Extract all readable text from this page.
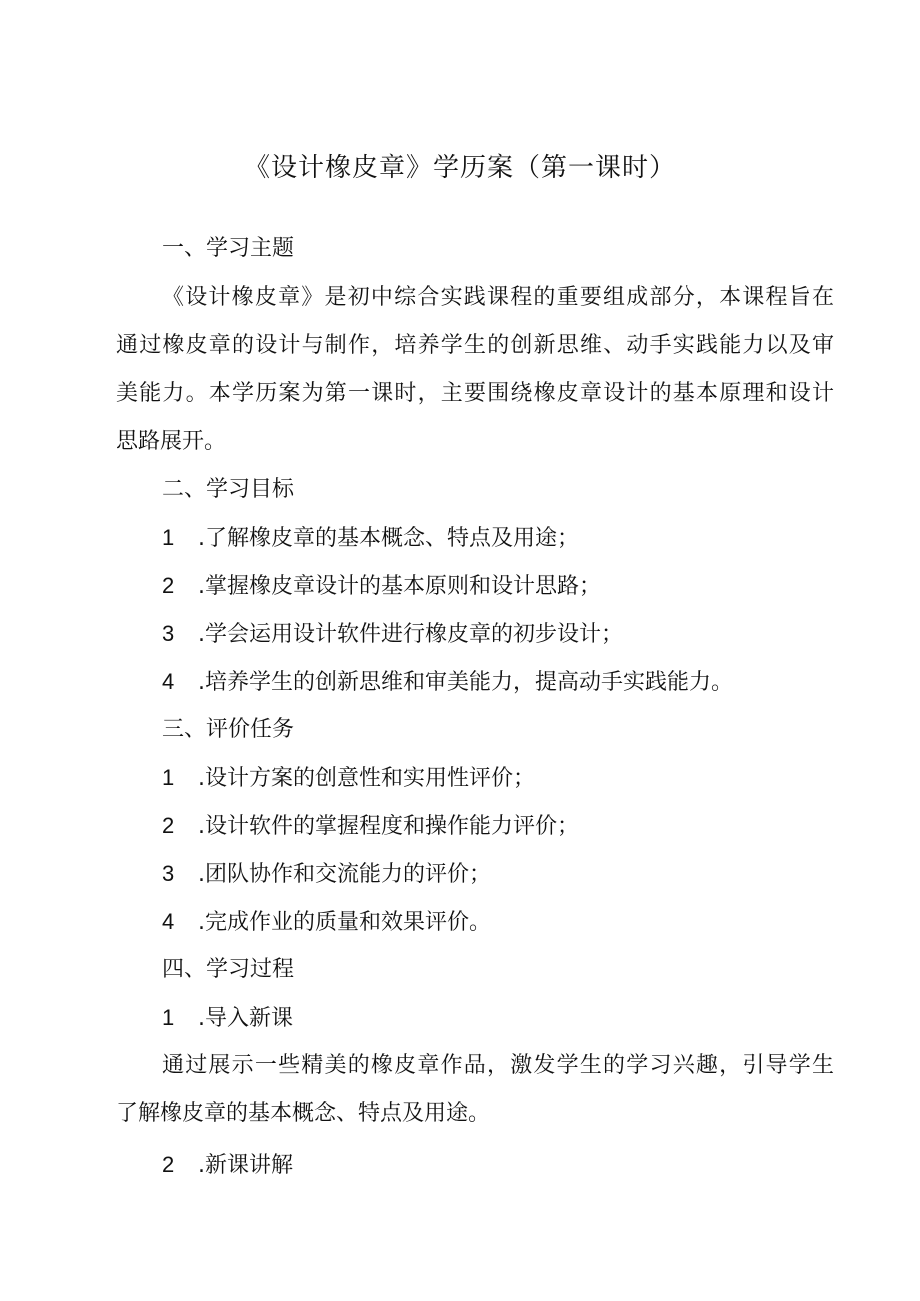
《设计橡皮章》学历案（第一课时）
一、学习主题
《设计橡皮章》是初中综合实践课程的重要组成部分，本课程旨在
通过橡皮章的设计与制作，培养学生的创新思维、动手实践能力以及审
美能力。本学历案为第一课时，主要围绕橡皮章设计的基本原理和设计
思路展开。
二、学习目标
1 .了解橡皮章的基本概念、特点及用途；
2 .掌握橡皮章设计的基本原则和设计思路；
3 .学会运用设计软件进行橡皮章的初步设计；
4 .培养学生的创新思维和审美能力，提高动手实践能力。
三、评价任务
1 .设计方案的创意性和实用性评价；
2 .设计软件的掌握程度和操作能力评价；
3 .团队协作和交流能力的评价；
4 .完成作业的质量和效果评价。
四、学习过程
1 .导入新课
通过展示一些精美的橡皮章作品，激发学生的学习兴趣，引导学生
了解橡皮章的基本概念、特点及用途。
2 .新课讲解
